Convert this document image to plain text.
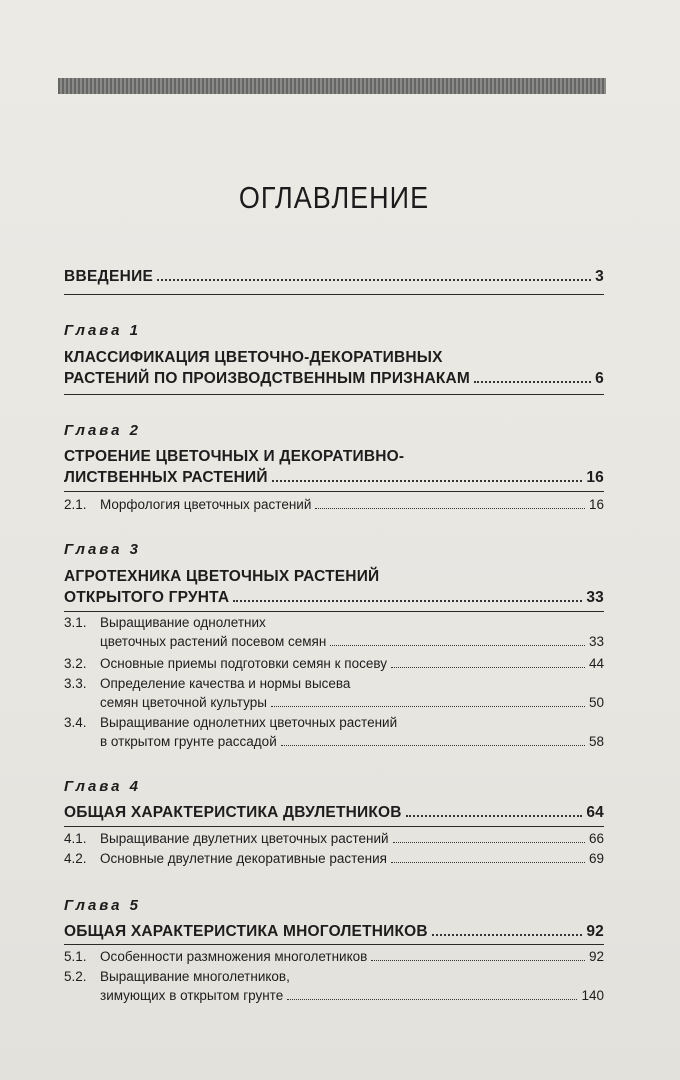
ОГЛАВЛЕНИЕ
ВВЕДЕНИЕ	3
Глава 1
КЛАССИФИКАЦИЯ ЦВЕТОЧНО-ДЕКОРАТИВНЫХ
РАСТЕНИЙ ПО ПРОИЗВОДСТВЕННЫМ ПРИЗНАКАМ	6
Глава 2
СТРОЕНИЕ ЦВЕТОЧНЫХ И ДЕКОРАТИВНО-
ЛИСТВЕННЫХ РАСТЕНИЙ	16
2.1. Морфология цветочных растений	16
Глава 3
АГРОТЕХНИКА ЦВЕТОЧНЫХ РАСТЕНИЙ
ОТКРЫТОГО ГРУНТА	33
3.1. Выращивание однолетних
цветочных растений посевом семян	33
3.2. Основные приемы подготовки семян к посеву	44
3.3. Определение качества и нормы высева
семян цветочной культуры	50
3.4. Выращивание однолетних цветочных растений
в открытом грунте рассадой	58
Глава 4
ОБЩАЯ ХАРАКТЕРИСТИКА ДВУЛЕТНИКОВ	64
4.1. Выращивание двулетних цветочных растений	66
4.2. Основные двулетние декоративные растения	69
Глава 5
ОБЩАЯ ХАРАКТЕРИСТИКА МНОГОЛЕТНИКОВ	92
5.1. Особенности размножения многолетников	92
5.2. Выращивание многолетников,
зимующих в открытом грунте	140
